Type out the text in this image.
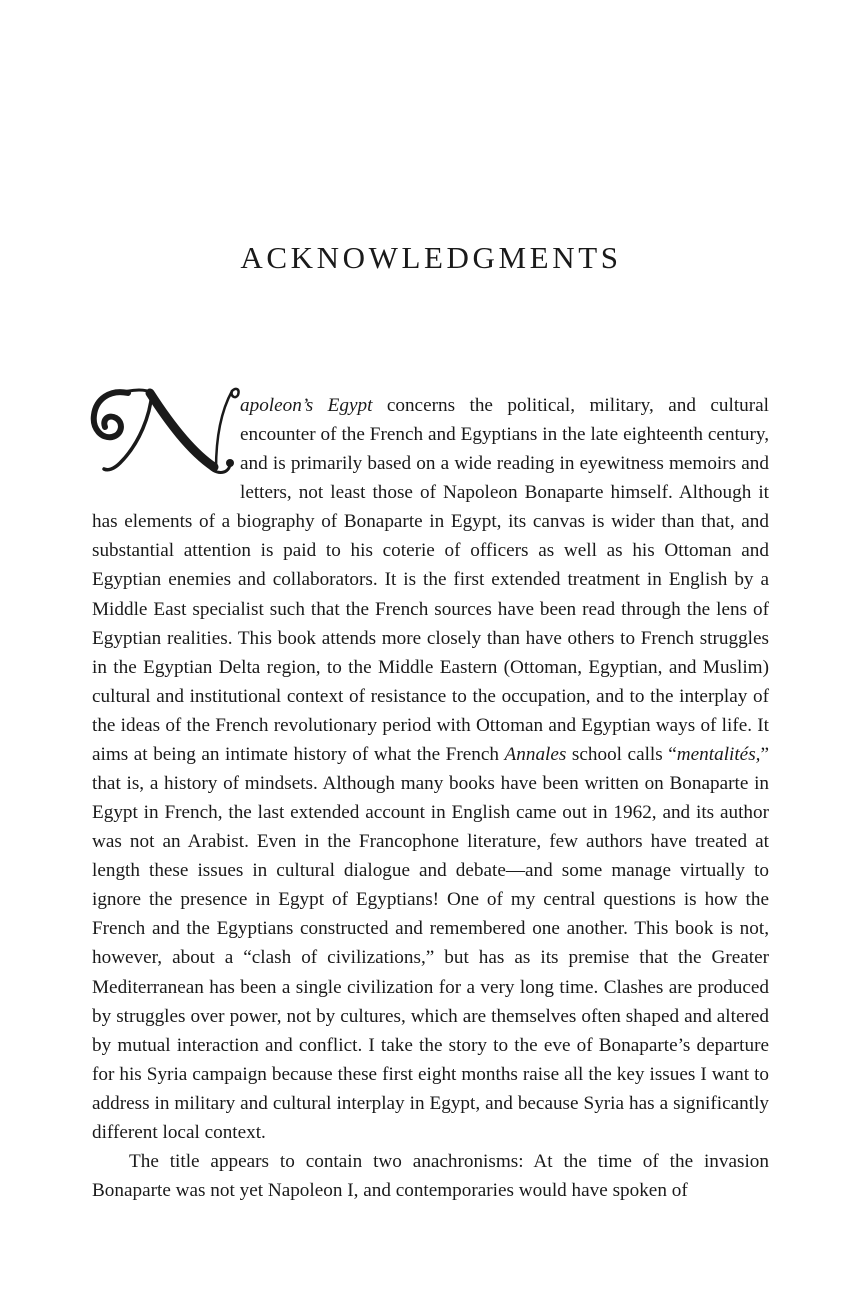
ACKNOWLEDGMENTS

apoleon’s Egypt concerns the political, military, and cultural encounter of the French and Egyptians in the late eighteenth century, and is primarily based on a wide reading in eyewitness memoirs and letters, not least those of Napoleon Bonaparte himself. Although it has elements of a biography of Bonaparte in Egypt, its canvas is wider than that, and substantial attention is paid to his coterie of officers as well as his Ottoman and Egyptian enemies and collaborators. It is the first extended treatment in English by a Middle East specialist such that the French sources have been read through the lens of Egyptian realities. This book attends more closely than have others to French struggles in the Egyptian Delta region, to the Middle Eastern (Ottoman, Egyptian, and Muslim) cultural and institutional context of resistance to the occupation, and to the interplay of the ideas of the French revolutionary period with Ottoman and Egyptian ways of life. It aims at being an intimate history of what the French Annales school calls “mentalités,” that is, a history of mindsets. Although many books have been written on Bonaparte in Egypt in French, the last extended account in English came out in 1962, and its author was not an Arabist. Even in the Francophone literature, few authors have treated at length these issues in cultural dialogue and debate—and some manage virtually to ignore the presence in Egypt of Egyptians! One of my central questions is how the French and the Egyptians constructed and remembered one another. This book is not, however, about a “clash of civilizations,” but has as its premise that the Greater Mediterranean has been a single civilization for a very long time. Clashes are produced by struggles over power, not by cultures, which are themselves often shaped and altered by mutual interaction and conflict. I take the story to the eve of Bonaparte’s departure for his Syria campaign because these first eight months raise all the key issues I want to address in military and cultural interplay in Egypt, and because Syria has a significantly different local context.

The title appears to contain two anachronisms: At the time of the invasion Bonaparte was not yet Napoleon I, and contemporaries would have spoken of
